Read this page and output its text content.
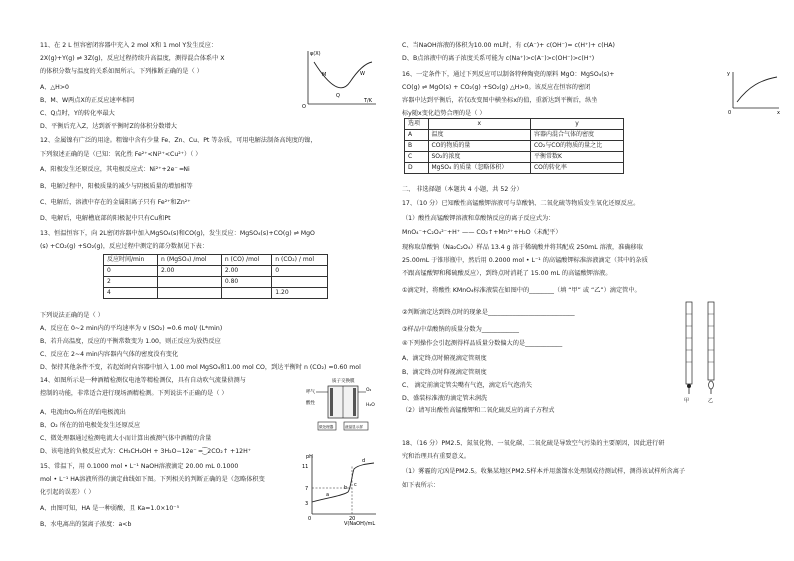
11、在 2 L 恒容密闭容器中充入 2 mol X和 1 mol Y发生反应：
2X(g)+Y(g) ⇌ 3Z(g)，反应过程持续升高温度，测得混合体系中 X
的体积分数与温度的关系如图所示。下列推断正确的是（ ）
A、△H>0
B、M、W两点X的正反应速率相同
C、Q点时，Y的转化率最大
D、平衡后充入Z，达到新平衡时Z的体积分数增大
φ(X)
T/K
O
M
Q
W
12、金属镍有广泛的用途。粗镍中含有少量 Fe、Zn、Cu、Pt 等杂质，可用电解法制备高纯度的镍，
下列叙述正确的是（已知：氧化性 Fe²⁺<Ni²⁺<Cu²⁺）（ ）
A、阳极发生还原反应，其电极反应式：Ni²⁺+2e⁻ ═Ni
B、电解过程中，阳极质量的减少与阴极质量的增加相等
C、电解后，溶液中存在的金属阳离子只有 Fe²⁺和Zn²⁺
D、电解后，电解槽底部的阳极泥中只有Cu和Pt
13、恒温恒容下，向 2L密闭容器中加入MgSO₄(s)和CO(g)，发生反应：MgSO₄(s)+CO(g) ⇌ MgO
(s) +CO₂(g) +SO₂(g)，反应过程中测定的部分数据见下表：
反应时间/min	n (MgSO₄) /mol	n (CO) /mol	n (CO₂) / mol
0	2.00	2.00	0
2		0.80	
4			1.20
下列说法正确的是（ ）
A、反应在 0~2 min内的平均速率为 v (SO₂) =0.6 mol/ (L*min)
B、若升高温度，反应的平衡常数变为 1.00，则正反应为放热反应
C、反应在 2~4 min内容器内气体的密度没有变化
D、保持其他条件不变，若起始时向容器中加入 1.00 mol MgSO₄和1.00 mol CO，到达平衡时 n (CO₂) =0.60 mol
14、如图所示是一种酒精检测仪电池等精检测仪，具有自动吹气流量侦测与
控制的功能，非常适合进行现场酒精检测。下列说法不正确的是（ ）
A、电流由O₂所在的铂电极流出
B、O₂ 所在的铂电极处发生还原反应
C、微处理器通过检测电流大小而计算出被测气体中酒精的含量
D、该电池的负极反应式为：CH₃CH₂OH + 3H₂O−12e⁻ ═⁐2CO₂↑ +12H⁺
质子交换膜
呼气
酸性
O₂
H₂O
微处理器	液晶显示屏
15、常温下，用 0.1000 mol • L⁻¹ NaOH溶液滴定 20.00 mL 0.1000
mol • L⁻¹ HA溶液所得的滴定曲线如下图。下列相关的判断正确的是（忽略体积变
化引起的误差）（ ）
A、由图可知，HA 是一种弱酸，且 Ka=1.0×10⁻⁵
B、水电离出的氢离子浓度：a<b
pH
11
7
3
0	20
V(NaOH)/mL
a
b c
d
C、当NaOH溶液的体积为10.00 mL时，有 c(A⁻)+ c(OH⁻)= c(H⁺)+ c(HA)
D、B点溶液中的离子浓度关系可能为 c(Na⁺)>c(A⁻)>c(OH⁻)>c(H⁺)
16、一定条件下，通过下列反应可以制备特种陶瓷的原料 MgO：MgSO₄(s)+
CO(g) ⇌ MgO(s) + CO₂(g) +SO₂(g) △H>0。该反应在恒容的密闭
容器中达到平衡后，若仅改变图中横坐标x的值，重新达到平衡后，纵坐
标y随x变化趋势合理的是（ ）
y
x
0
选项	x	y
A	温度	容器内混合气体的密度
B	CO的物质的量	CO₂与CO的物质的量之比
C	SO₂的浓度	平衡常数K
D	MgSO₄ 的质量（忽略体积）	CO的转化率
二、 非选择题（本题共 4 小题，共 52 分）
17、（10 分）已知酸性高锰酸钾溶液可与草酸钠、二氧化硫等物质发生氧化还原反应。
（1）酸性高锰酸钾溶液和草酸钠反应的离子反应式为：
MnO₄⁻+C₂O₄²⁻+H⁺ —— CO₂↑+Mn²⁺+H₂O（未配平）
现称取草酸钠（Na₂C₂O₄）样品 13.4 g 溶于稀硫酸并将其配成 250mL 溶液，准确移取
25.00mL 于锥形瓶中，然后用 0.2000 mol • L⁻¹ 的高锰酸钾标准溶液滴定（其中的杂质
不跟高锰酸钾和稀硫酸反应），到终点时消耗了 15.00 mL 的高锰酸钾溶液。
①滴定时，将酸性 KMnO₄标准液装在如图中的________（填 “甲” 或 “乙”）滴定管中。
②判断滴定达到终点时的现象是____________________________
③样品中草酸钠的质量分数为____________
④下列操作会引起测得样品质量分数偏大的是____________
A、滴定终点时俯视滴定管刻度
B、滴定终点时仰视滴定管刻度
C、 滴定前滴定管尖嘴有气泡，滴定后气泡消失
D、盛装标准液的滴定管未润洗
（2）请写出酸性高锰酸钾和二氧化硫反应的离子方程式
甲	乙
18、（16 分）PM2.5、氮氧化物、一氧化碳、二氧化硫是导致空气污染的主要原因，因此进行研
究和治理具有重要意义。
（1）雾霾的元凶是PM2.5。收集某地区PM2.5样本并用蒸馏水处理制成待测试样，测得该试样所含离子
如下表所示：
